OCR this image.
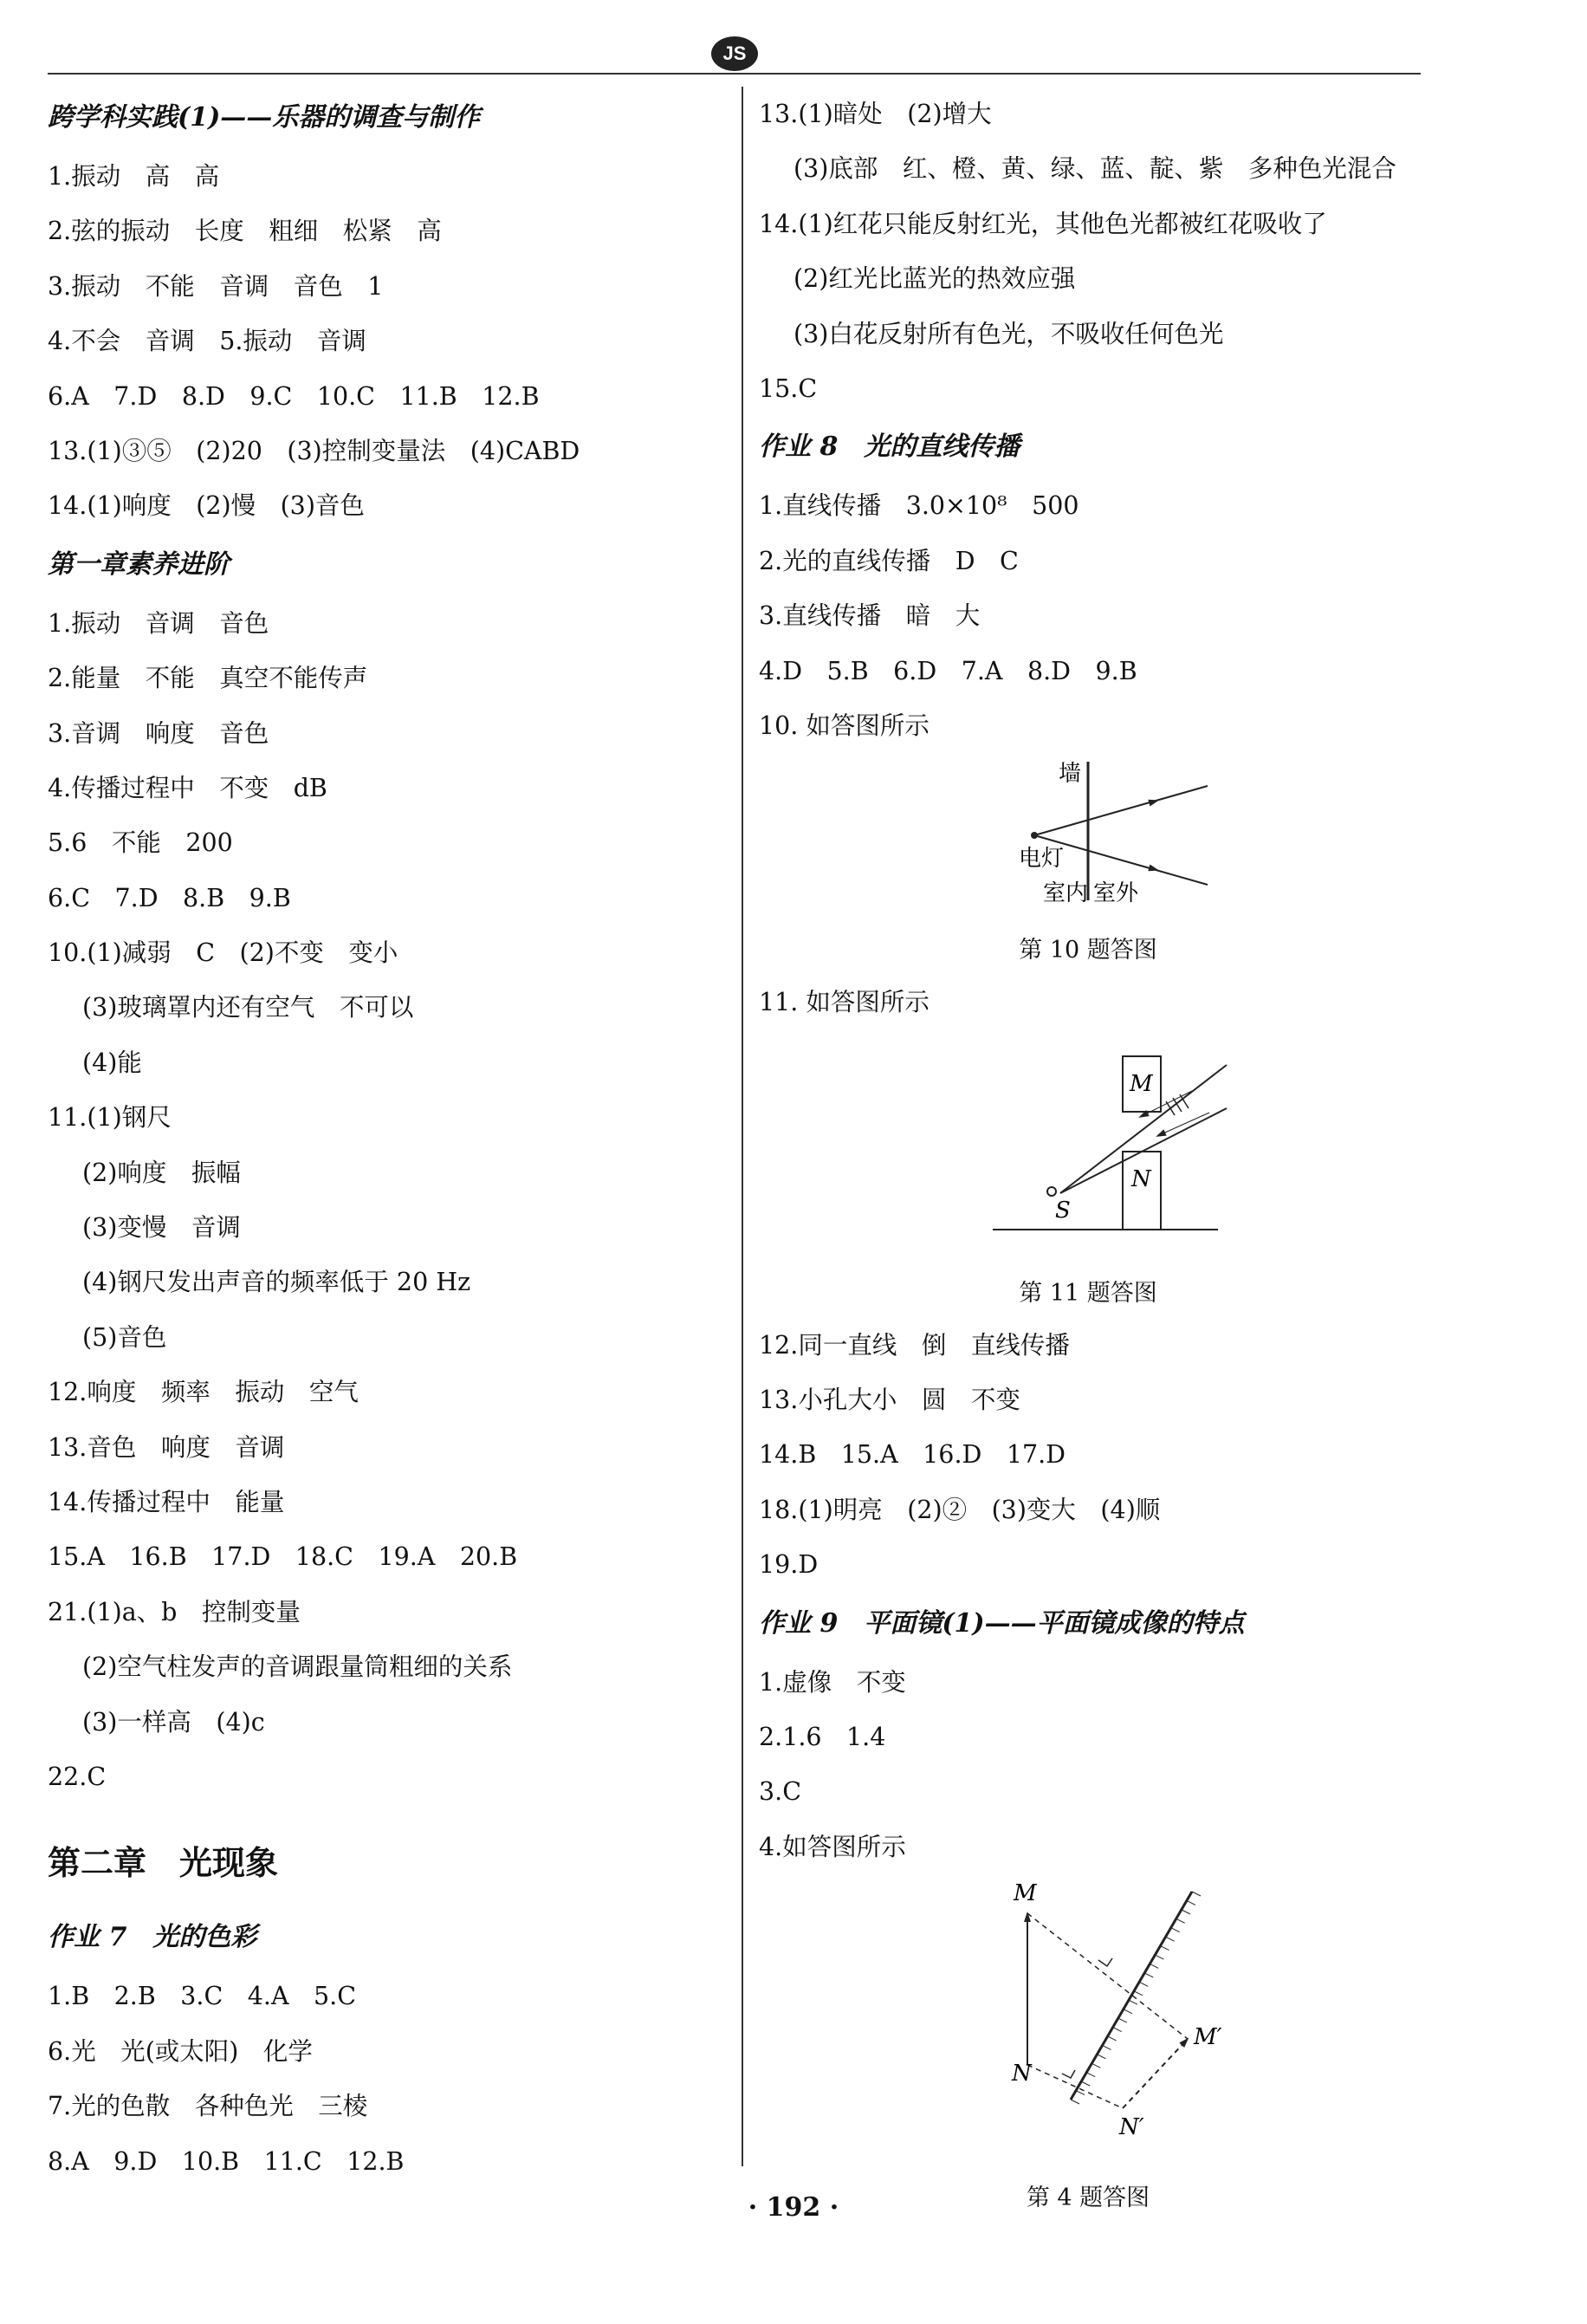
JS
跨学科实践(1)——乐器的调查与制作
1.振动　高　高
2.弦的振动　长度　粗细　松紧　高
3.振动　不能　音调　音色　1
4.不会　音调　5.振动　音调
6.A　7.D　8.D　9.C　10.C　11.B　12.B
13.(1)③⑤　(2)20　(3)控制变量法　(4)CABD
14.(1)响度　(2)慢　(3)音色
第一章素养进阶
1.振动　音调　音色
2.能量　不能　真空不能传声
3.音调　响度　音色
4.传播过程中　不变　dB
5.6　不能　200
6.C　7.D　8.B　9.B
10.(1)减弱　C　(2)不变　变小
(3)玻璃罩内还有空气　不可以
(4)能
11.(1)钢尺
(2)响度　振幅
(3)变慢　音调
(4)钢尺发出声音的频率低于 20 Hz
(5)音色
12.响度　频率　振动　空气
13.音色　响度　音调
14.传播过程中　能量
15.A　16.B　17.D　18.C　19.A　20.B
21.(1)a、b　控制变量
(2)空气柱发声的音调跟量筒粗细的关系
(3)一样高　(4)c
22.C
第二章　光现象
作业 7　光的色彩
1.B　2.B　3.C　4.A　5.C
6.光　光(或太阳)　化学
7.光的色散　各种色光　三棱
8.A　9.D　10.B　11.C　12.B
13.(1)暗处　(2)增大
(3)底部　红、橙、黄、绿、蓝、靛、紫　多种色光混合
14.(1)红花只能反射红光，其他色光都被红花吸收了
(2)红光比蓝光的热效应强
(3)白花反射所有色光，不吸收任何色光
15.C
作业 8　光的直线传播
1.直线传播　3.0×10⁸　500
2.光的直线传播　D　C
3.直线传播　暗　大
4.D　5.B　6.D　7.A　8.D　9.B
10. 如答图所示
墙
电灯
室内 室外
第 10 题答图
11. 如答图所示
M
N
S
第 11 题答图
12.同一直线　倒　直线传播
13.小孔大小　圆　不变
14.B　15.A　16.D　17.D
18.(1)明亮　(2)②　(3)变大　(4)顺
19.D
作业 9　平面镜(1)——平面镜成像的特点
1.虚像　不变
2.1.6　1.4
3.C
4.如答图所示
M
N
M′
N′
第 4 题答图
· 192 ·
